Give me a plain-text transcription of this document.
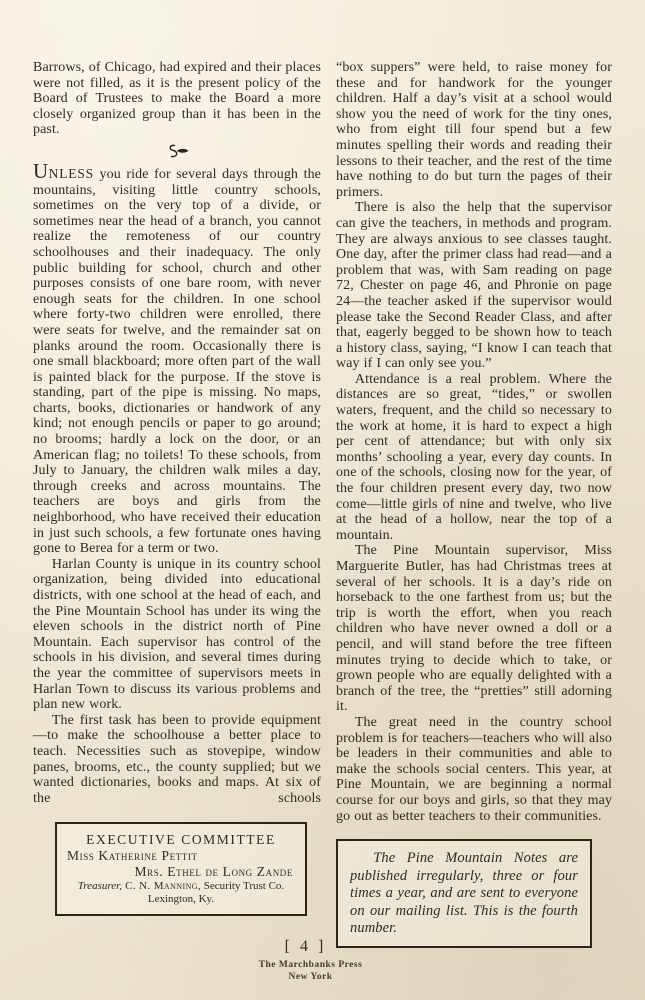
Barrows, of Chicago, had expired and their places were not filled, as it is the present policy of the Board of Trustees to make the Board a more closely organized group than it has been in the past.

UNLESS you ride for several days through the mountains, visiting little country schools, sometimes on the very top of a divide, or sometimes near the head of a branch, you cannot realize the remoteness of our country schoolhouses and their inadequacy. The only public building for school, church and other purposes consists of one bare room, with never enough seats for the children. In one school where forty-two children were enrolled, there were seats for twelve, and the remainder sat on planks around the room. Occasionally there is one small blackboard; more often part of the wall is painted black for the purpose. If the stove is standing, part of the pipe is missing. No maps, charts, books, dictionaries or handwork of any kind; not enough pencils or paper to go around; no brooms; hardly a lock on the door, or an American flag; no toilets! To these schools, from July to January, the children walk miles a day, through creeks and across mountains. The teachers are boys and girls from the neighborhood, who have received their education in just such schools, a few fortunate ones having gone to Berea for a term or two.

Harlan County is unique in its country school organization, being divided into educational districts, with one school at the head of each, and the Pine Mountain School has under its wing the eleven schools in the district north of Pine Mountain. Each supervisor has control of the schools in his division, and several times during the year the committee of supervisors meets in Harlan Town to discuss its various problems and plan new work.

The first task has been to provide equipment—to make the schoolhouse a better place to teach. Necessities such as stovepipe, window panes, brooms, etc., the county supplied; but we wanted dictionaries, books and maps. At six of the schools

EXECUTIVE COMMITTEE
Miss Katherine Pettit
Mrs. Ethel de Long Zande
Treasurer, C. N. Manning, Security Trust Co.
Lexington, Ky.

“box suppers” were held, to raise money for these and for handwork for the younger children. Half a day’s visit at a school would show you the need of work for the tiny ones, who from eight till four spend but a few minutes spelling their words and reading their lessons to their teacher, and the rest of the time have nothing to do but turn the pages of their primers.

There is also the help that the supervisor can give the teachers, in methods and program. They are always anxious to see classes taught. One day, after the primer class had read—and a problem that was, with Sam reading on page 72, Chester on page 46, and Phronie on page 24—the teacher asked if the supervisor would please take the Second Reader Class, and after that, eagerly begged to be shown how to teach a history class, saying, “I know I can teach that way if I can only see you.”

Attendance is a real problem. Where the distances are so great, “tides,” or swollen waters, frequent, and the child so necessary to the work at home, it is hard to expect a high per cent of attendance; but with only six months’ schooling a year, every day counts. In one of the schools, closing now for the year, of the four children present every day, two now come—little girls of nine and twelve, who live at the head of a hollow, near the top of a mountain.

The Pine Mountain supervisor, Miss Marguerite Butler, has had Christmas trees at several of her schools. It is a day’s ride on horseback to the one farthest from us; but the trip is worth the effort, when you reach children who have never owned a doll or a pencil, and will stand before the tree fifteen minutes trying to decide which to take, or grown people who are equally delighted with a branch of the tree, the “pretties” still adorning it.

The great need in the country school problem is for teachers—teachers who will also be leaders in their communities and able to make the schools social centers. This year, at Pine Mountain, we are beginning a normal course for our boys and girls, so that they may go out as better teachers to their communities.

The Pine Mountain Notes are published irregularly, three or four times a year, and are sent to everyone on our mailing list. This is the fourth number.

[ 4 ]
The Marchbanks Press
New York
